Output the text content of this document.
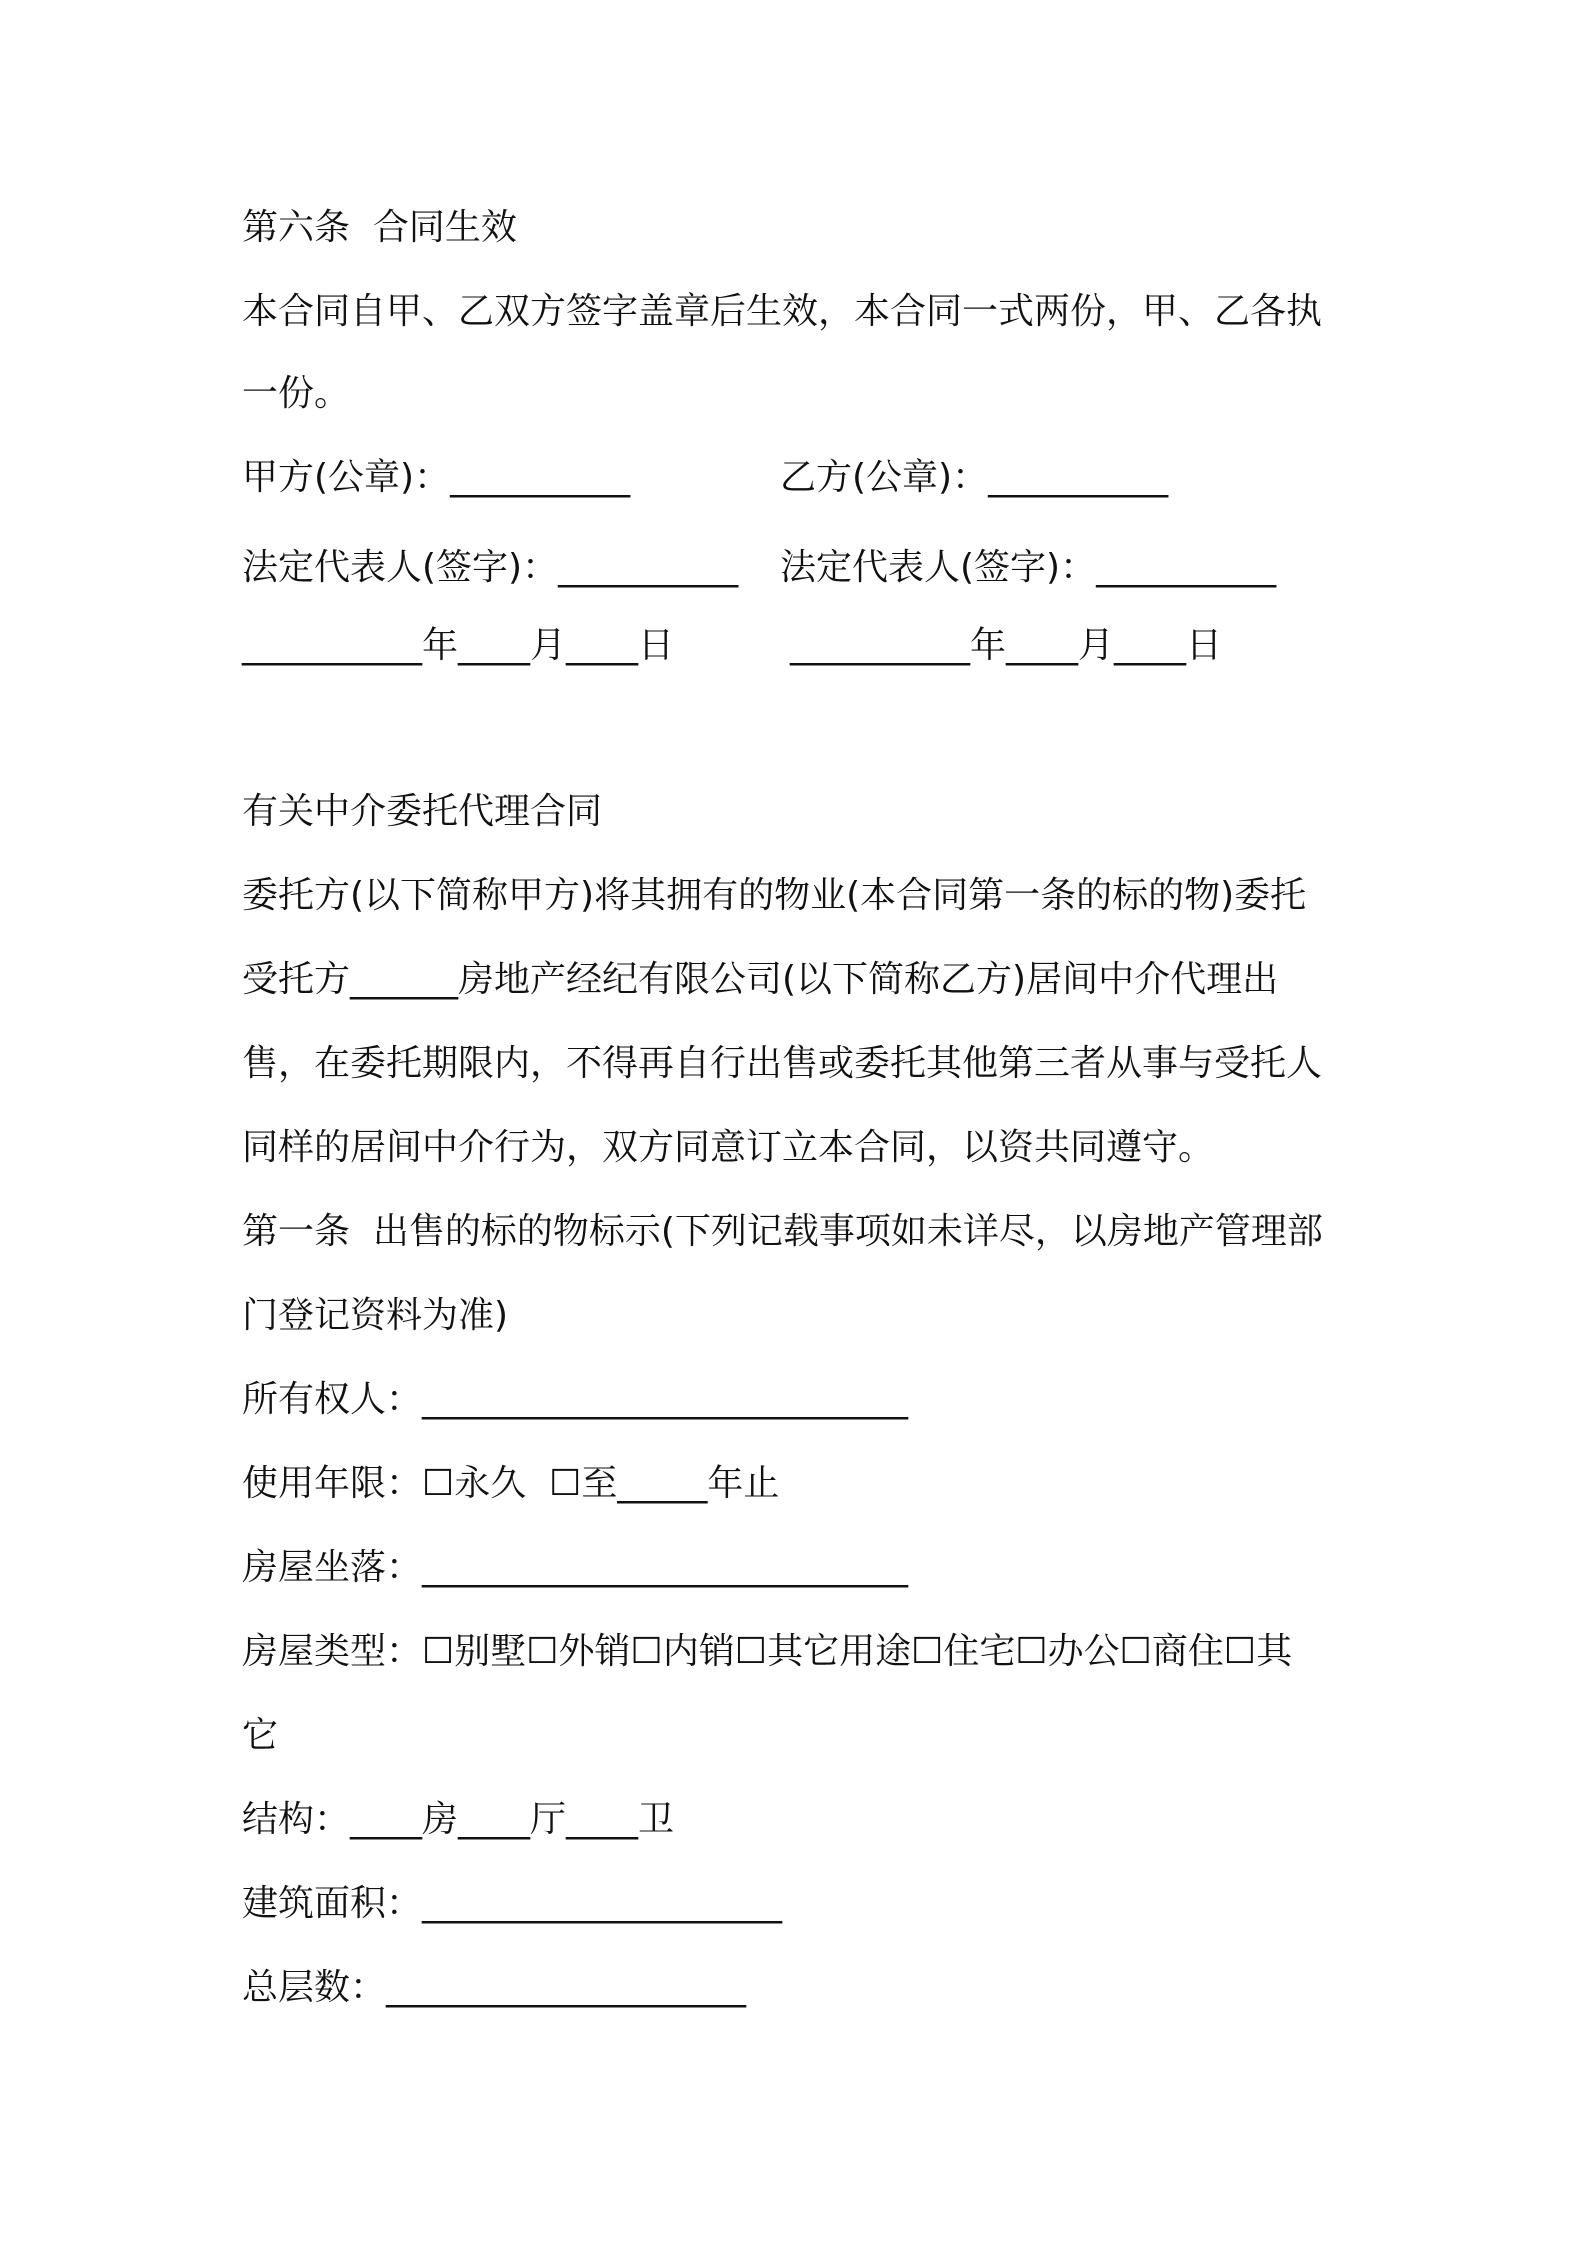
第六条  合同生效
本合同自甲、乙双方签字盖章后生效，本合同一式两份，甲、乙各执
一份。
甲方(公章)：__________	乙方(公章)：__________
法定代表人(签字)：__________ 法定代表人(签字)：__________
__________年____月____日	__________年____月____日
有关中介委托代理合同
委托方(以下简称甲方)将其拥有的物业(本合同第一条的标的物)委托
受托方______房地产经纪有限公司(以下简称乙方)居间中介代理出
售，在委托期限内，不得再自行出售或委托其他第三者从事与受托人
同样的居间中介行为，双方同意订立本合同，以资共同遵守。
第一条  出售的标的物标示(下列记载事项如未详尽，以房地产管理部
门登记资料为准)
所有权人：___________________________
使用年限：☐永久  ☐至_____年止
房屋坐落：___________________________
房屋类型：☐别墅☐外销☐内销☐其它用途☐住宅☐办公☐商住☐其
它
结构：____房____厅____卫
建筑面积：____________________
总层数：____________________
